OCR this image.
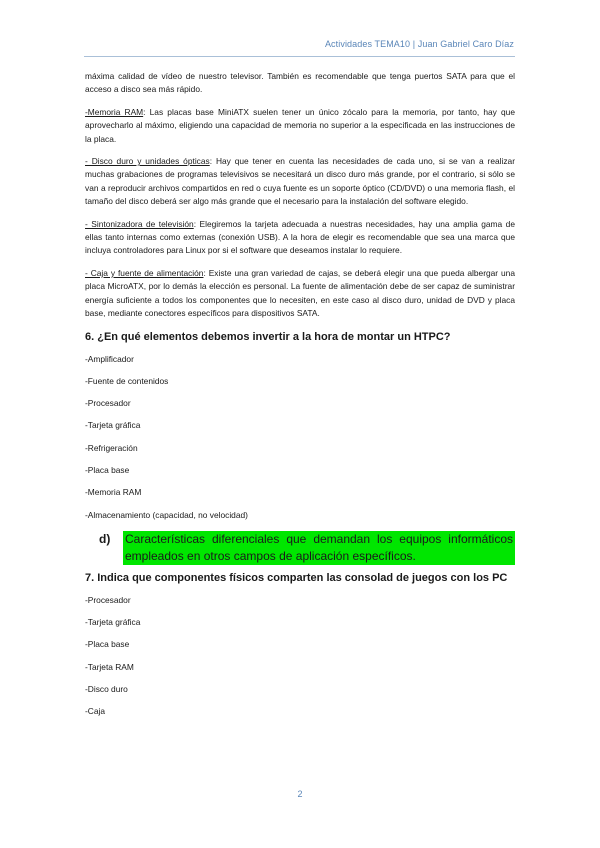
Actividades TEMA10 | Juan Gabriel Caro Díaz

máxima calidad de vídeo de nuestro televisor. También es recomendable que tenga puertos SATA para que el acceso a disco sea más rápido.

-Memoria RAM: Las placas base MiniATX suelen tener un único zócalo para la memoria, por tanto, hay que aprovecharlo al máximo, eligiendo una capacidad de memoria no superior a la especificada en las instrucciones de la placa.

- Disco duro y unidades ópticas: Hay que tener en cuenta las necesidades de cada uno, si se van a realizar muchas grabaciones de programas televisivos se necesitará un disco duro más grande, por el contrario, si sólo se van a reproducir archivos compartidos en red o cuya fuente es un soporte óptico (CD/DVD) o una memoria flash, el tamaño del disco deberá ser algo más grande que el necesario para la instalación del software elegido.

- Sintonizadora de televisión: Elegiremos la tarjeta adecuada a nuestras necesidades, hay una amplia gama de ellas tanto internas como externas (conexión USB). A la hora de elegir es recomendable que sea una marca que incluya controladores para Linux por si el software que deseamos instalar lo requiere.

- Caja y fuente de alimentación: Existe una gran variedad de cajas, se deberá elegir una que pueda albergar una placa MicroATX, por lo demás la elección es personal. La fuente de alimentación debe de ser capaz de suministrar energía suficiente a todos los componentes que lo necesiten, en este caso al disco duro, unidad de DVD y placa base, mediante conectores específicos para dispositivos SATA.

6. ¿En qué elementos debemos invertir a la hora de montar un HTPC?
-Amplificador
-Fuente de contenidos
-Procesador
-Tarjeta gráfica
-Refrigeración
-Placa base
-Memoria RAM
-Almacenamiento (capacidad, no velocidad)
d)	Características diferenciales que demandan los equipos informáticos empleados en otros campos de aplicación específicos.
7. Indica que componentes físicos comparten las consolad de juegos con los PC
-Procesador
-Tarjeta gráfica
-Placa base
-Tarjeta RAM
-Disco duro
-Caja
2
